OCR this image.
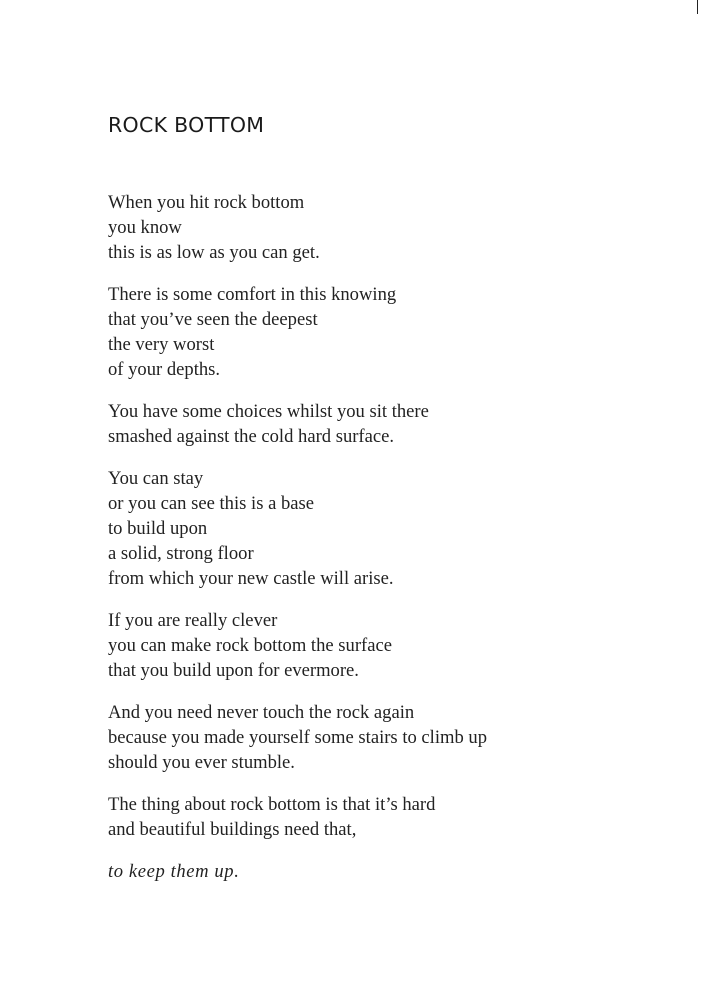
ROCK BOTTOM

When you hit rock bottom
you know
this is as low as you can get.

There is some comfort in this knowing
that you’ve seen the deepest
the very worst
of your depths.

You have some choices whilst you sit there
smashed against the cold hard surface.

You can stay
or you can see this is a base
to build upon
a solid, strong floor
from which your new castle will arise.

If you are really clever
you can make rock bottom the surface
that you build upon for evermore.

And you need never touch the rock again
because you made yourself some stairs to climb up
should you ever stumble.

The thing about rock bottom is that it’s hard
and beautiful buildings need that,

to keep them up.
